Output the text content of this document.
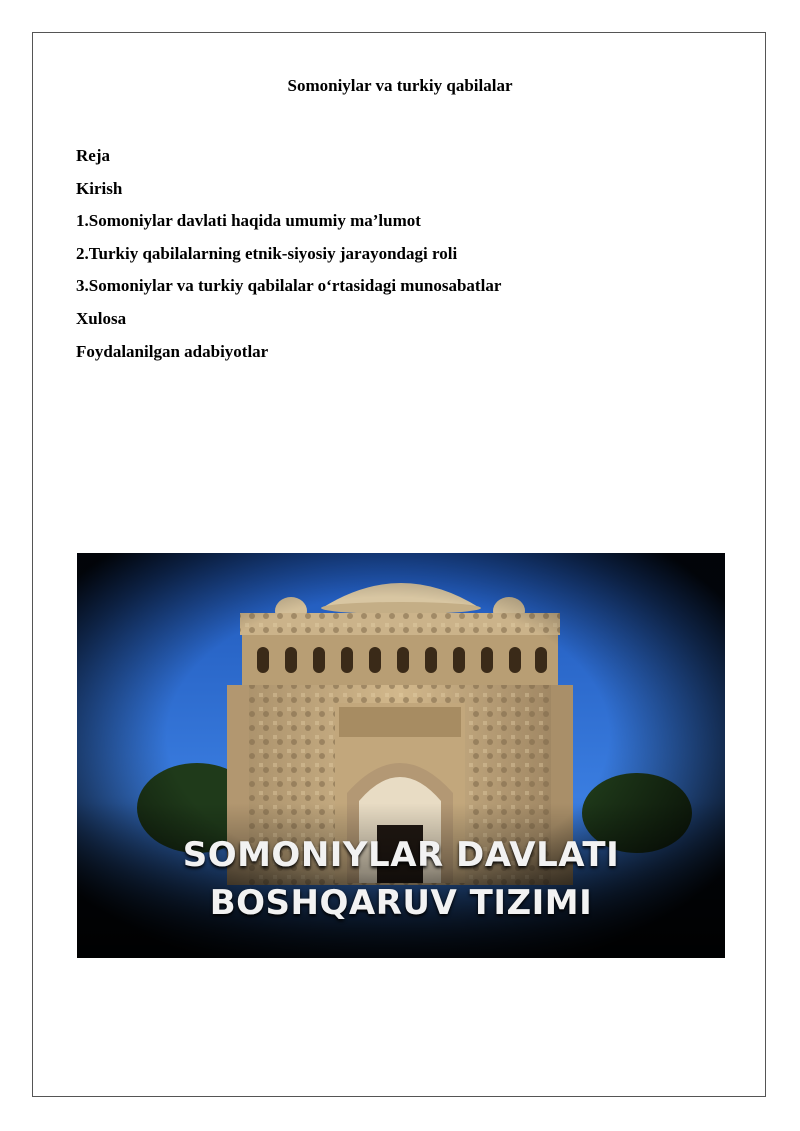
Somoniylar va turkiy qabilalar
Reja
Kirish
1.Somoniylar davlati haqida umumiy ma’lumot
2.Turkiy qabilalarning etnik-siyosiy jarayondagi roli
3.Somoniylar va turkiy qabilalar o‘rtasidagi munosabatlar
Xulosa
Foydalanilgan adabiyotlar
SOMONIYLAR DAVLATI
BOSHQARUV TIZIMI
